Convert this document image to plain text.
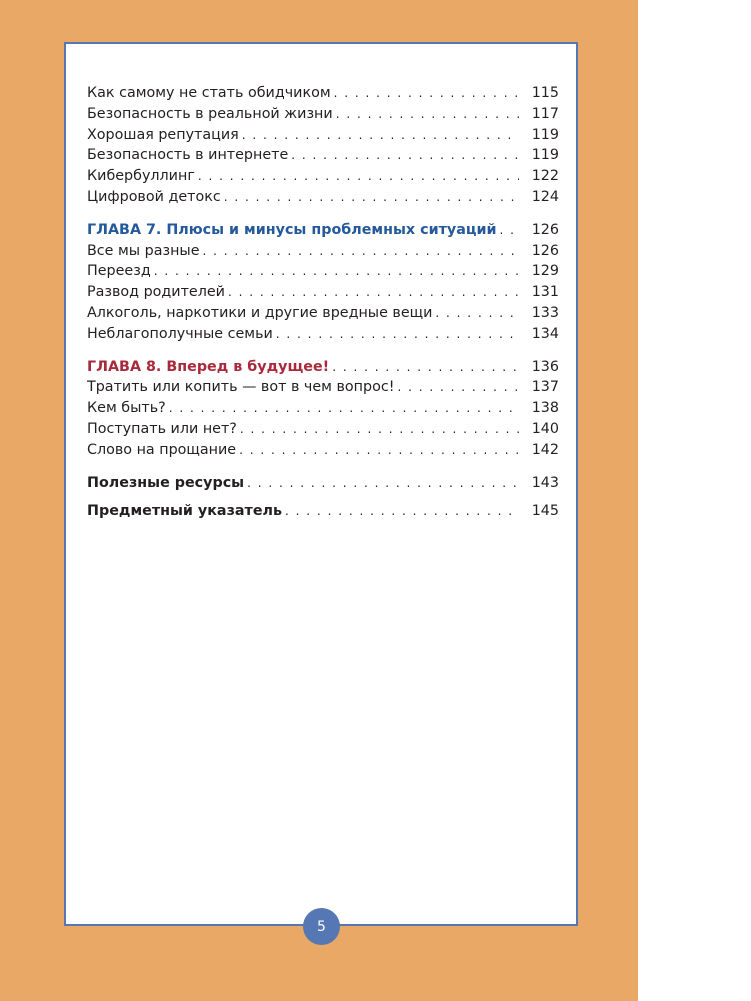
Как самому не стать обидчиком . . .	115
Безопасность в реальной жизни . . .	117
Хорошая репутация . . .	119
Безопасность в интернете . . .	119
Кибербуллинг . . .	122
Цифровой детокс . . .	124
ГЛАВА 7. Плюсы и минусы проблемных ситуаций . . .	126
Все мы разные . . .	126
Переезд . . .	129
Развод родителей . . .	131
Алкоголь, наркотики и другие вредные вещи . . .	133
Неблагополучные семьи . . .	134
ГЛАВА 8. Вперед в будущее! . . .	136
Тратить или копить — вот в чем вопрос! . . .	137
Кем быть? . . .	138
Поступать или нет? . . .	140
Слово на прощание . . .	142
Полезные ресурсы . . .	143
Предметный указатель . . .	145
5
